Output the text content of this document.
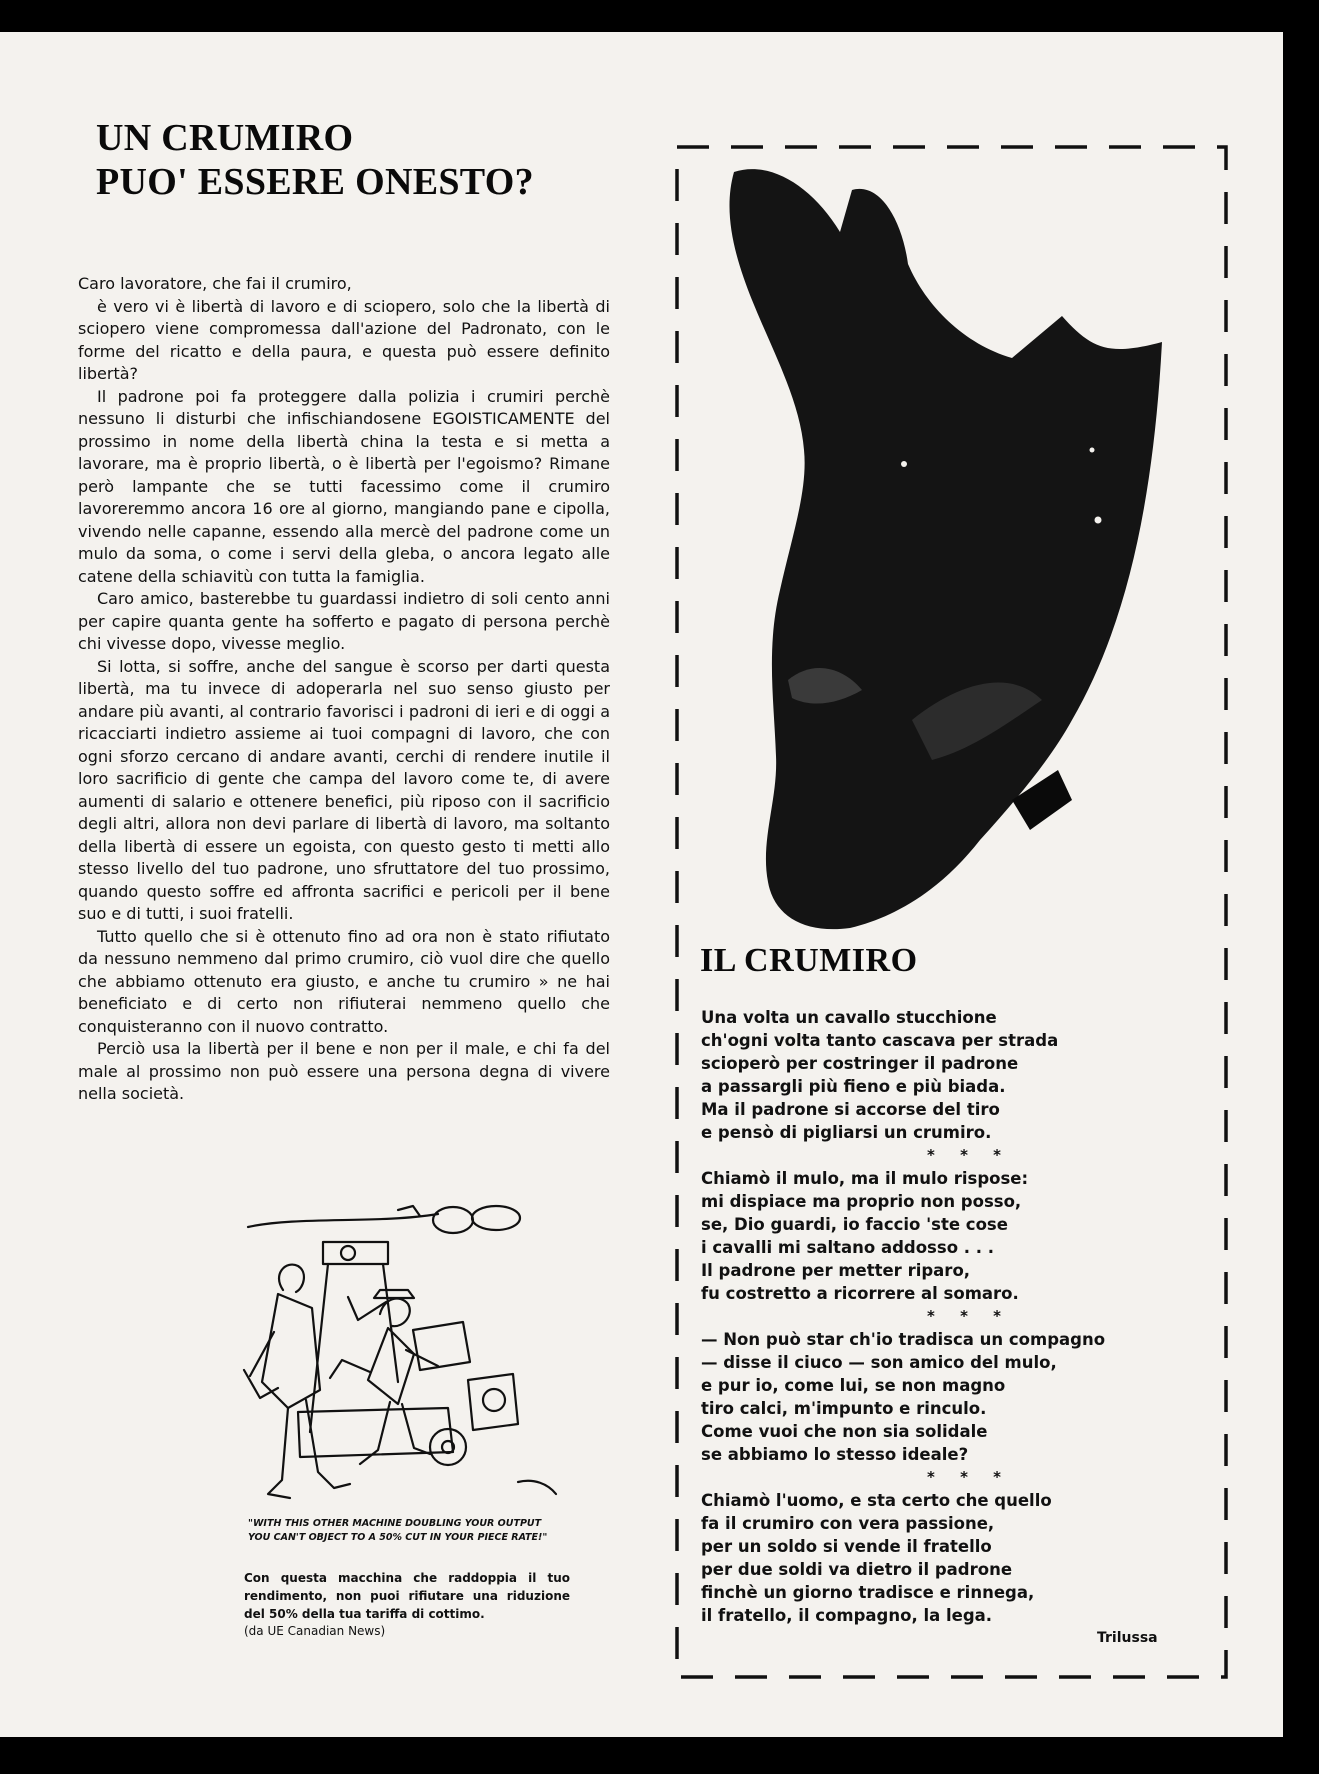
UN CRUMIRO
PUO' ESSERE ONESTO?

Caro lavoratore, che fai il crumiro,

è vero vi è libertà di lavoro e di sciopero, solo che la libertà di sciopero viene compromessa dall'azione del Padronato, con le forme del ricatto e della paura, e questa può essere definito libertà?

Il padrone poi fa proteggere dalla polizia i crumiri perchè nessuno li disturbi che infischiandosene EGOISTICAMENTE del prossimo in nome della libertà china la testa e si metta a lavorare, ma è proprio libertà, o è libertà per l'egoismo? Rimane però lampante che se tutti facessimo come il crumiro lavoreremmo ancora 16 ore al giorno, mangiando pane e cipolla, vivendo nelle capanne, essendo alla mercè del padrone come un mulo da soma, o come i servi della gleba, o ancora legato alle catene della schiavitù con tutta la famiglia.

Caro amico, basterebbe tu guardassi indietro di soli cento anni per capire quanta gente ha sofferto e pagato di persona perchè chi vivesse dopo, vivesse meglio.

Si lotta, si soffre, anche del sangue è scorso per darti questa libertà, ma tu invece di adoperarla nel suo senso giusto per andare più avanti, al contrario favorisci i padroni di ieri e di oggi a ricacciarti indietro assieme ai tuoi compagni di lavoro, che con ogni sforzo cercano di andare avanti, cerchi di rendere inutile il loro sacrificio di gente che campa del lavoro come te, di avere aumenti di salario e ottenere benefici, più riposo con il sacrificio degli altri, allora non devi parlare di libertà di lavoro, ma soltanto della libertà di essere un egoista, con questo gesto ti metti allo stesso livello del tuo padrone, uno sfruttatore del tuo prossimo, quando questo soffre ed affronta sacrifici e pericoli per il bene suo e di tutti, i suoi fratelli.

Tutto quello che si è ottenuto fino ad ora non è stato rifiutato da nessuno nemmeno dal primo crumiro, ciò vuol dire che quello che abbiamo ottenuto era giusto, e anche tu crumiro » ne hai beneficiato e di certo non rifiuterai nemmeno quello che conquisteranno con il nuovo contratto.

Perciò usa la libertà per il bene e non per il male, e chi fa del male al prossimo non può essere una persona degna di vivere nella società.

"WITH THIS OTHER MACHINE DOUBLING YOUR OUTPUT
YOU CAN'T OBJECT TO A 50% CUT IN YOUR PIECE RATE!"
Con questa macchina che raddoppia il tuo rendimento, non puoi rifiutare una riduzione del 50% della tua tariffa di cottimo.
(da UE Canadian News)
IL CRUMIRO
Una volta un cavallo stucchione
ch'ogni volta tanto cascava per strada
scioperò per costringer il padrone
a passargli più fieno e più biada.
Ma il padrone si accorse del tiro
e pensò di pigliarsi un crumiro.
* * *
Chiamò il mulo, ma il mulo rispose:
mi dispiace ma proprio non posso,
se, Dio guardi, io faccio 'ste cose
i cavalli mi saltano addosso . . .
Il padrone per metter riparo,
fu costretto a ricorrere al somaro.
* * *
— Non può star ch'io tradisca un compagno
— disse il ciuco — son amico del mulo,
e pur io, come lui, se non magno
tiro calci, m'impunto e rinculo.
Come vuoi che non sia solidale
se abbiamo lo stesso ideale?
* * *
Chiamò l'uomo, e sta certo che quello
fa il crumiro con vera passione,
per un soldo si vende il fratello
per due soldi va dietro il padrone
finchè un giorno tradisce e rinnega,
il fratello, il compagno, la lega.
Trilussa
